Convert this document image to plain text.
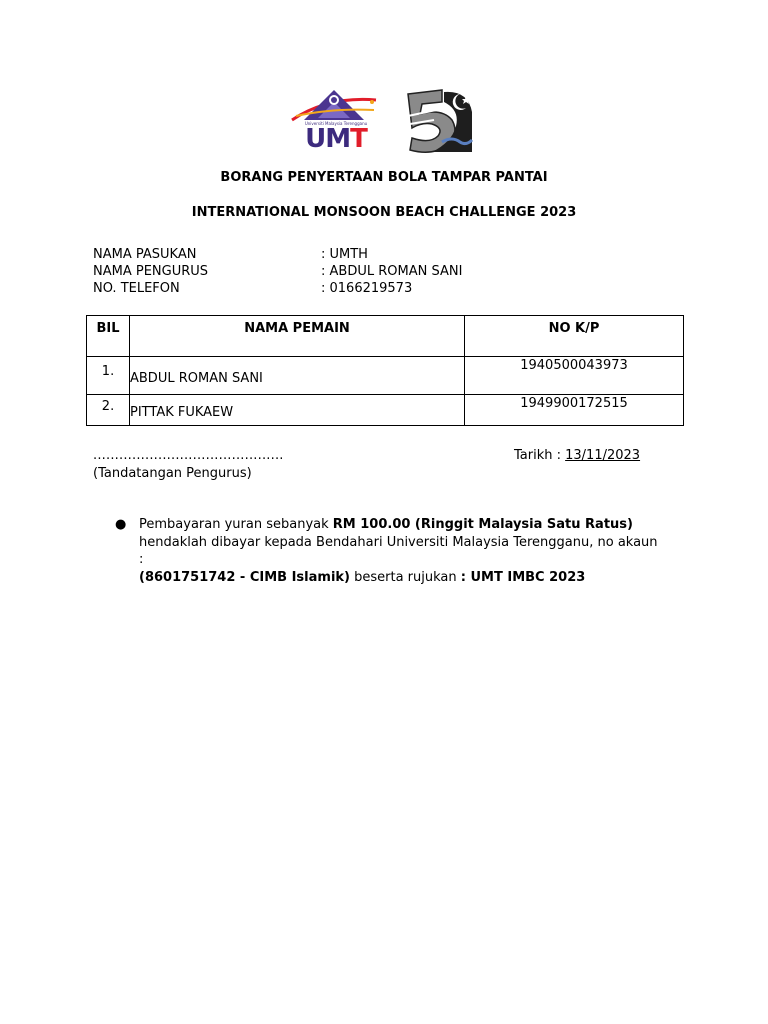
Universiti Malaysia Terengganu
UMT
BORANG PENYERTAAN BOLA TAMPAR PANTAI
INTERNATIONAL MONSOON BEACH CHALLENGE 2023
NAMA PASUKAN	: UMTH
NAMA PENGURUS	: ABDUL ROMAN SANI
NO. TELEFON	: 0166219573
BIL	NAMA PEMAIN	NO K/P
1.	ABDUL ROMAN SANI	1940500043973
2.	PITTAK FUKAEW	1949900172515
............................................
(Tandatangan Pengurus)
Tarikh : 13/11/2023
● Pembayaran yuran sebanyak RM 100.00 (Ringgit Malaysia Satu Ratus)
hendaklah dibayar kepada Bendahari Universiti Malaysia Terengganu, no akaun :
(8601751742 - CIMB Islamik) beserta rujukan : UMT IMBC 2023
